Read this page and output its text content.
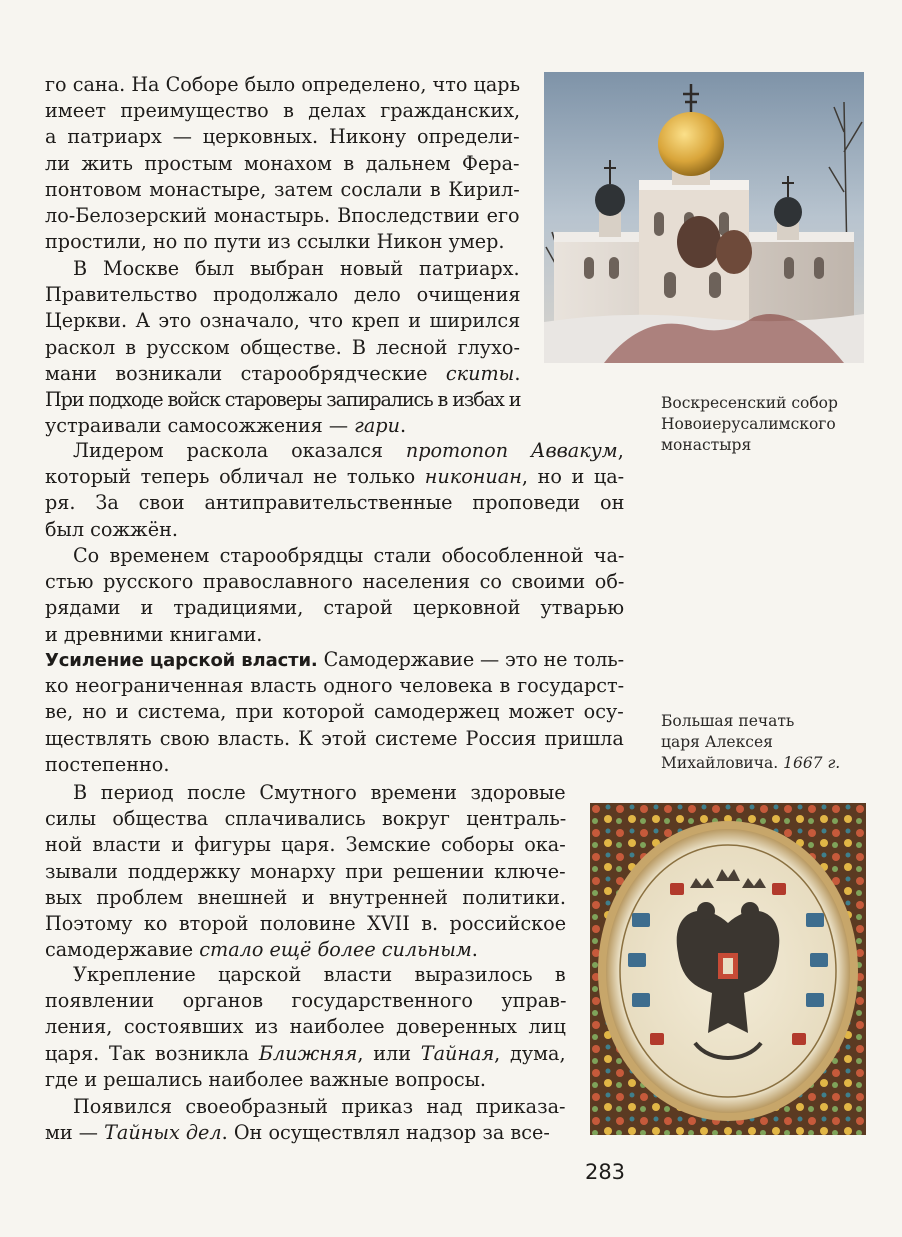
го сана. На Соборе было определено, что царь
имеет преимущество в делах гражданских,
а патриарх — церковных. Никону определи-
ли жить простым монахом в дальнем Фера-
понтовом монастыре, затем сослали в Кирил-
ло-Белозерский монастырь. Впоследствии его
простили, но по пути из ссылки Никон умер.
В Москве был выбран новый патриарх.
Правительство продолжало дело очищения
Церкви. А это означало, что креп и ширился
раскол в русском обществе. В лесной глухо-
мани возникали старообрядческие скиты.
При подходе войск староверы запирались в избах и
устраивали самосожжения — гари.
Лидером раскола оказался протопоп Аввакум,
который теперь обличал не только никониан, но и ца-
ря. За свои антиправительственные проповеди он
был сожжён.
Со временем старообрядцы стали обособленной ча-
стью русского православного населения со своими об-
рядами и традициями, старой церковной утварью
и древними книгами.
Усиление царской власти. Самодержавие — это не толь-
ко неограниченная власть одного человека в государст-
ве, но и система, при которой самодержец может осу-
ществлять свою власть. К этой системе Россия пришла
постепенно.
В период после Смутного времени здоровые
силы общества сплачивались вокруг централь-
ной власти и фигуры царя. Земские соборы ока-
зывали поддержку монарху при решении ключе-
вых проблем внешней и внутренней политики.
Поэтому ко второй половине XVII в. российское
самодержавие стало ещё более сильным.
Укрепление царской власти выразилось в
появлении органов государственного управ-
ления, состоявших из наиболее доверенных лиц
царя. Так возникла Ближняя, или Тайная, дума,
где и решались наиболее важные вопросы.
Появился своеобразный приказ над приказа-
ми — Тайных дел. Он осуществлял надзор за все-
Воскресенский собор
Новоиерусалимского
монастыря
Большая печать
царя Алексея
Михайловича. 1667 г.
283
